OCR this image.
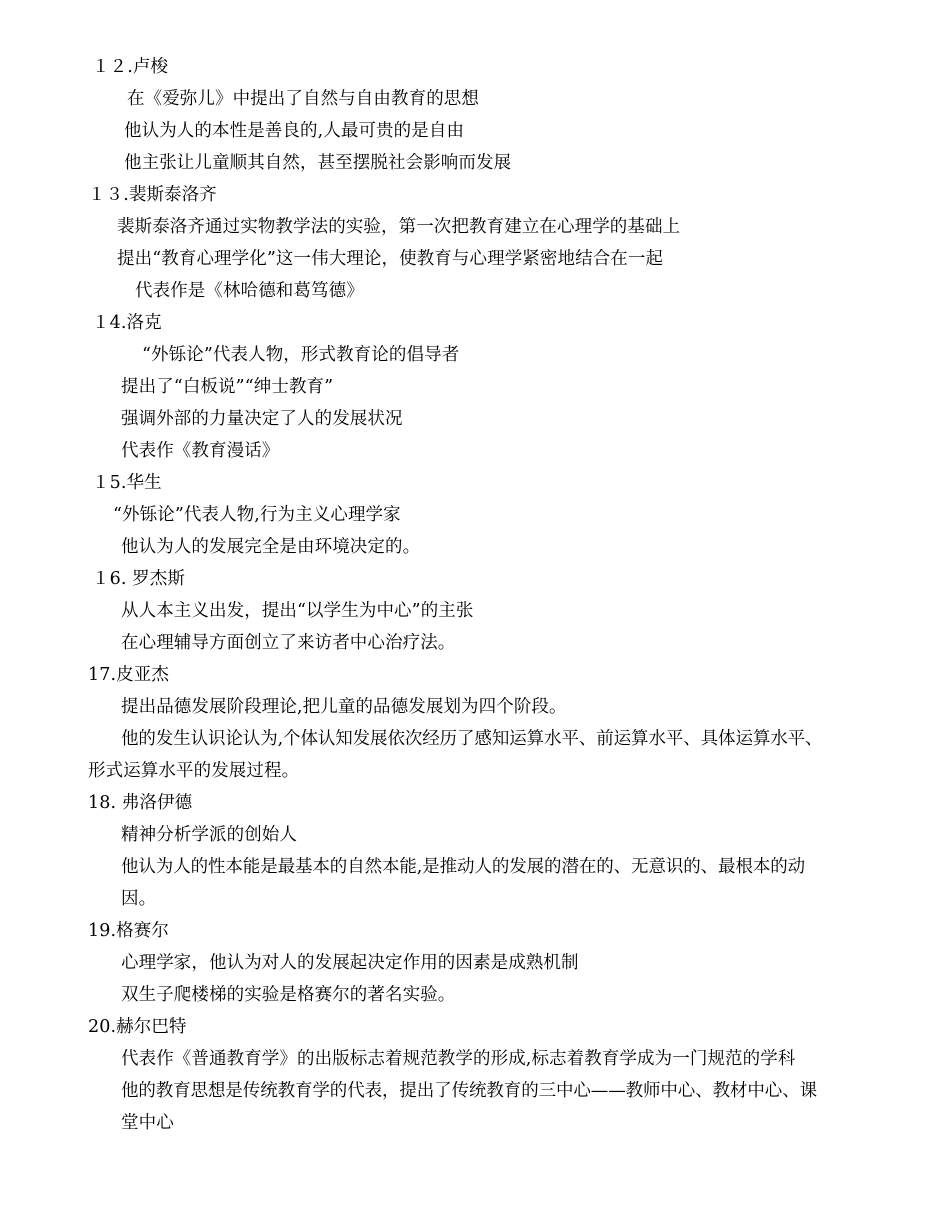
１２.卢梭
在《爱弥儿》中提出了自然与自由教育的思想
他认为人的本性是善良的,人最可贵的是自由
他主张让儿童顺其自然，甚至摆脱社会影响而发展
１３.裴斯泰洛齐
裴斯泰洛齐通过实物教学法的实验，第一次把教育建立在心理学的基础上
提出“教育心理学化”这一伟大理论，使教育与心理学紧密地结合在一起
代表作是《林哈德和葛笃德》
１4.洛克
“外铄论”代表人物，形式教育论的倡导者
提出了“白板说”“绅士教育”
强调外部的力量决定了人的发展状况
代表作《教育漫话》
１5.华生
“外铄论”代表人物,行为主义心理学家
他认为人的发展完全是由环境决定的。
１6. 罗杰斯
从人本主义出发，提出“以学生为中心”的主张
在心理辅导方面创立了来访者中心治疗法。
17.皮亚杰
提出品德发展阶段理论,把儿童的品德发展划为四个阶段。
他的发生认识论认为,个体认知发展依次经历了感知运算水平、前运算水平、具体运算水平、
形式运算水平的发展过程。
18. 弗洛伊德
精神分析学派的创始人
他认为人的性本能是最基本的自然本能,是推动人的发展的潜在的、无意识的、最根本的动
因。
19.格赛尔
心理学家，他认为对人的发展起决定作用的因素是成熟机制
双生子爬楼梯的实验是格赛尔的著名实验。
20.赫尔巴特
代表作《普通教育学》的出版标志着规范教学的形成,标志着教育学成为一门规范的学科
他的教育思想是传统教育学的代表，提出了传统教育的三中心——教师中心、教材中心、课
堂中心
